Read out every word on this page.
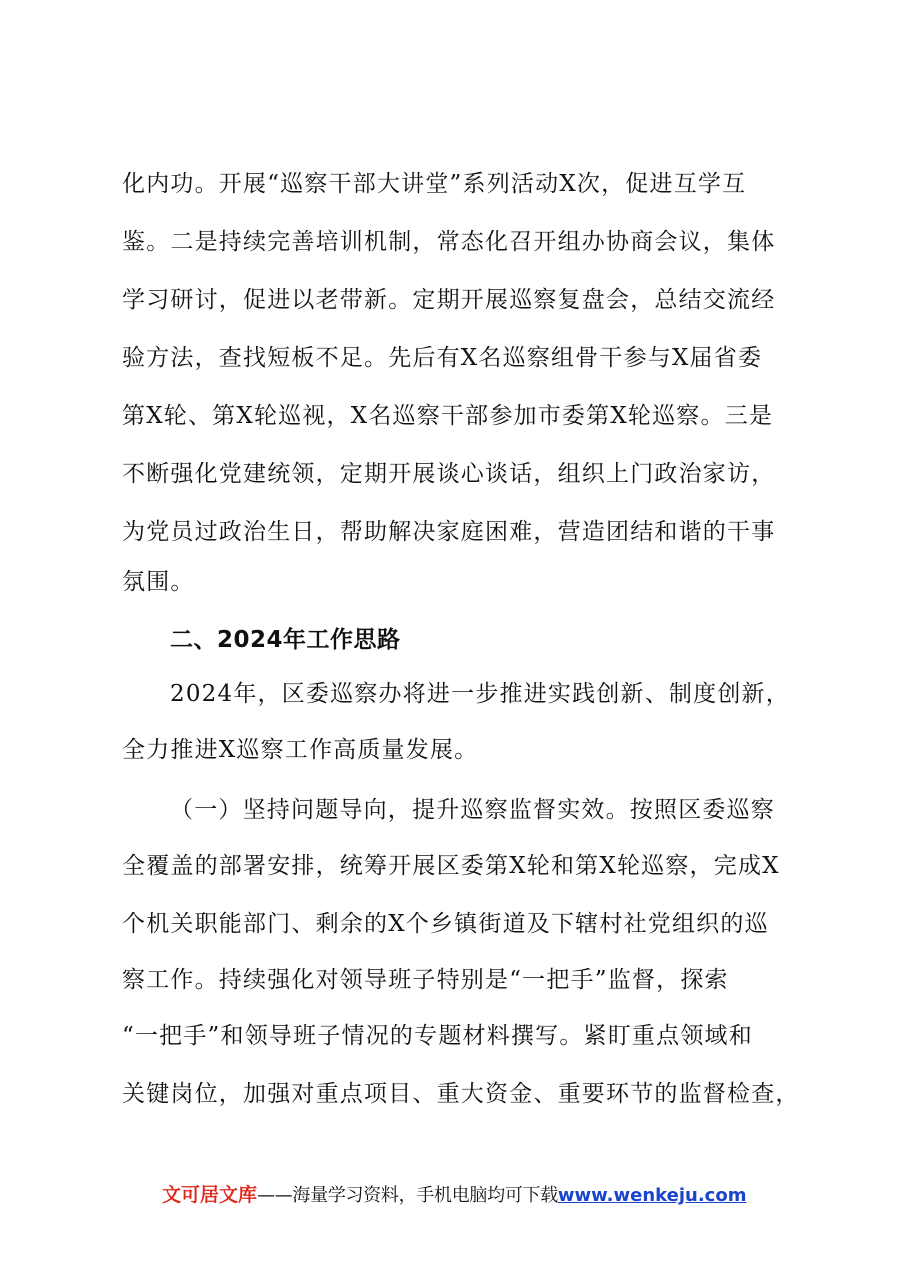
化内功。开展“巡察干部大讲堂”系列活动X次，促进互学互
鉴。二是持续完善培训机制，常态化召开组办协商会议，集体
学习研讨，促进以老带新。定期开展巡察复盘会，总结交流经
验方法，查找短板不足。先后有X名巡察组骨干参与X届省委
第X轮、第X轮巡视，X名巡察干部参加市委第X轮巡察。三是
不断强化党建统领，定期开展谈心谈话，组织上门政治家访，
为党员过政治生日，帮助解决家庭困难，营造团结和谐的干事
氛围。
二、2024年工作思路
2024年，区委巡察办将进一步推进实践创新、制度创新，
全力推进X巡察工作高质量发展。
（一）坚持问题导向，提升巡察监督实效。按照区委巡察
全覆盖的部署安排，统筹开展区委第X轮和第X轮巡察，完成X
个机关职能部门、剩余的X个乡镇街道及下辖村社党组织的巡
察工作。持续强化对领导班子特别是“一把手”监督，探索
“一把手”和领导班子情况的专题材料撰写。紧盯重点领域和
关键岗位，加强对重点项目、重大资金、重要环节的监督检查，
文可居文库——海量学习资料，手机电脑均可下载www.wenkeju.com
